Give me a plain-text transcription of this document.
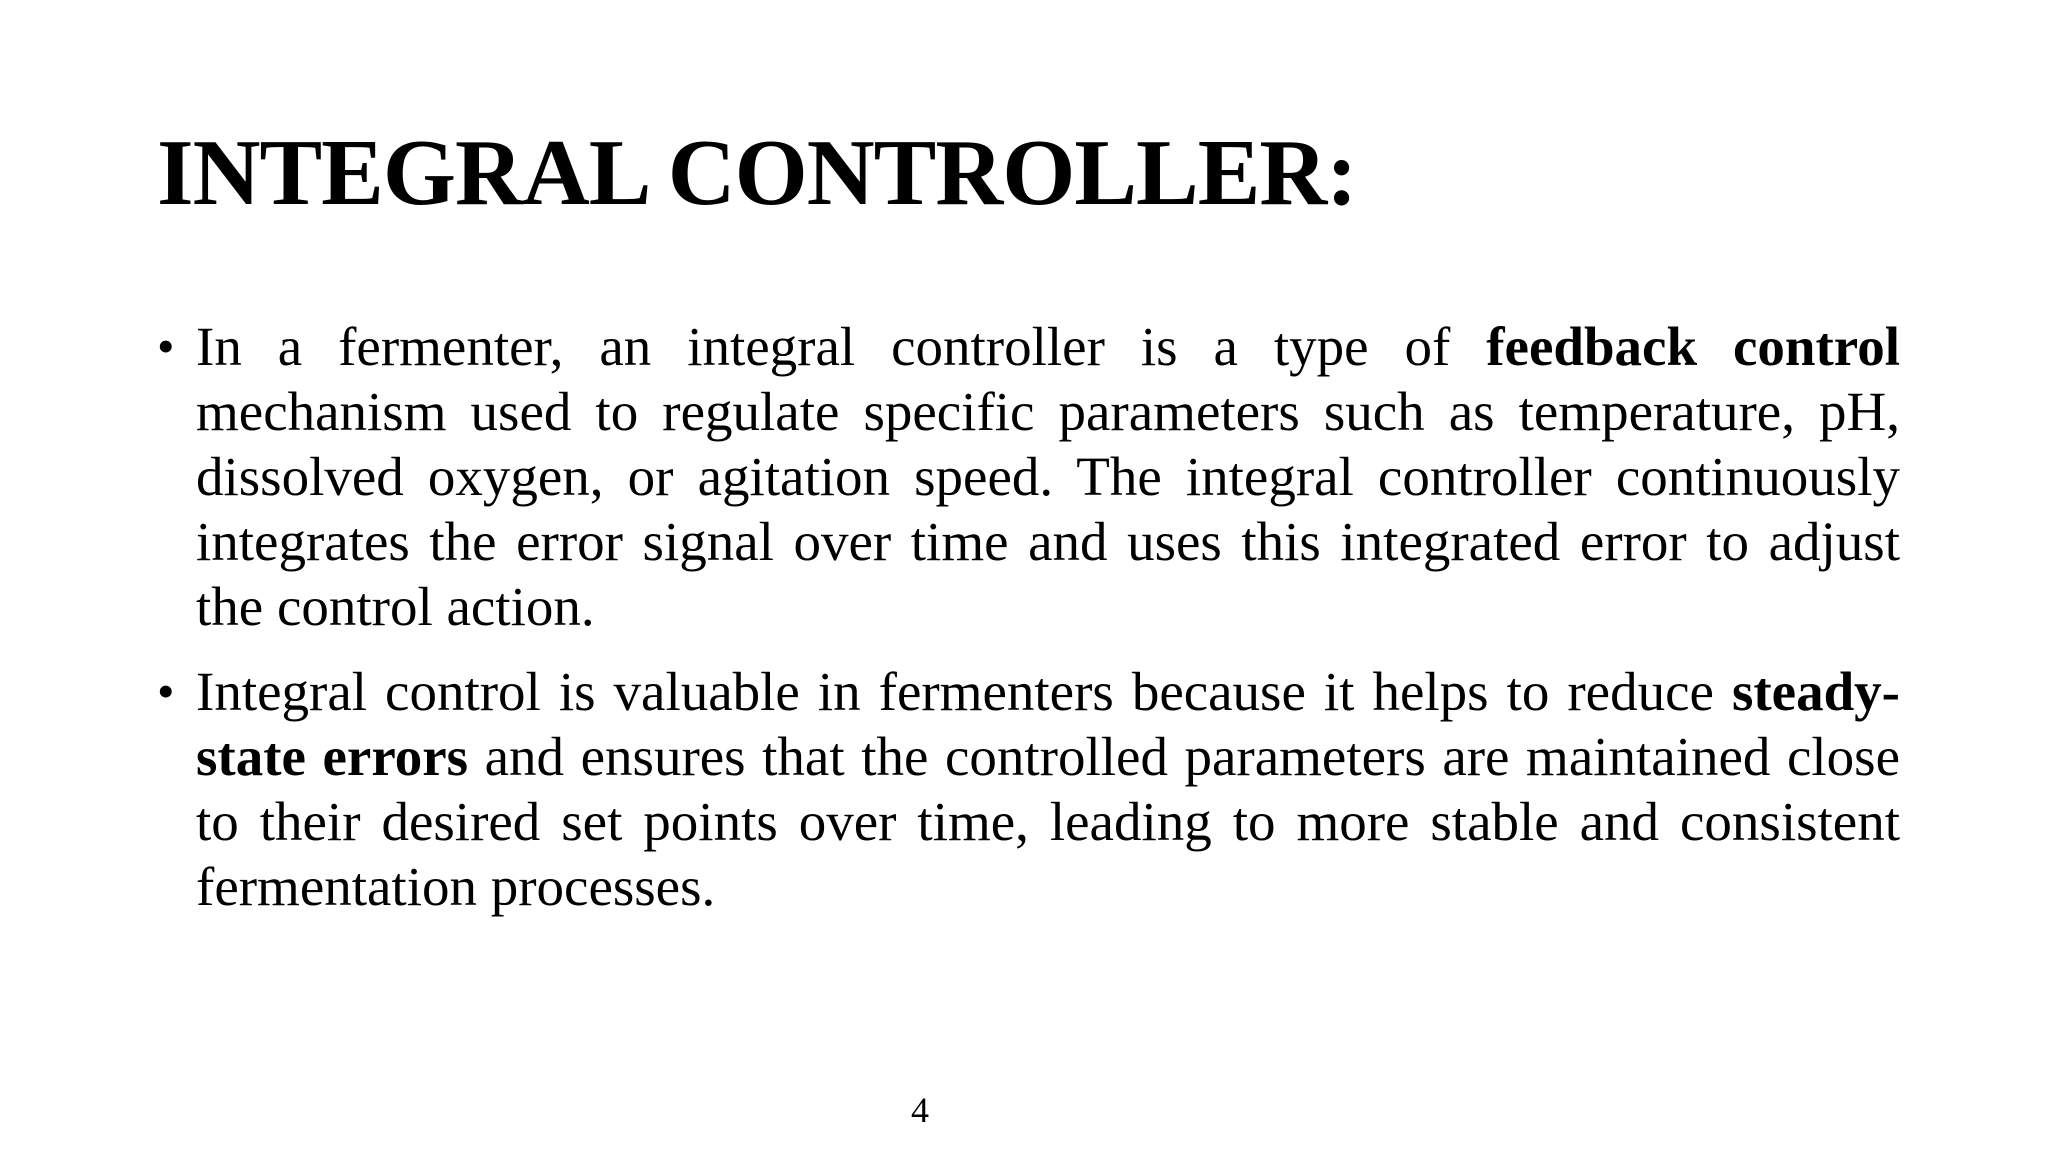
INTEGRAL CONTROLLER:
• In a fermenter, an integral controller is a type of feedback control mechanism used to regulate specific parameters such as temperature, pH, dissolved oxygen, or agitation speed. The integral controller continuously integrates the error signal over time and uses this integrated error to adjust the control action.
• Integral control is valuable in fermenters because it helps to reduce steady-state errors and ensures that the controlled parameters are maintained close to their desired set points over time, leading to more stable and consistent fermentation processes.
4
